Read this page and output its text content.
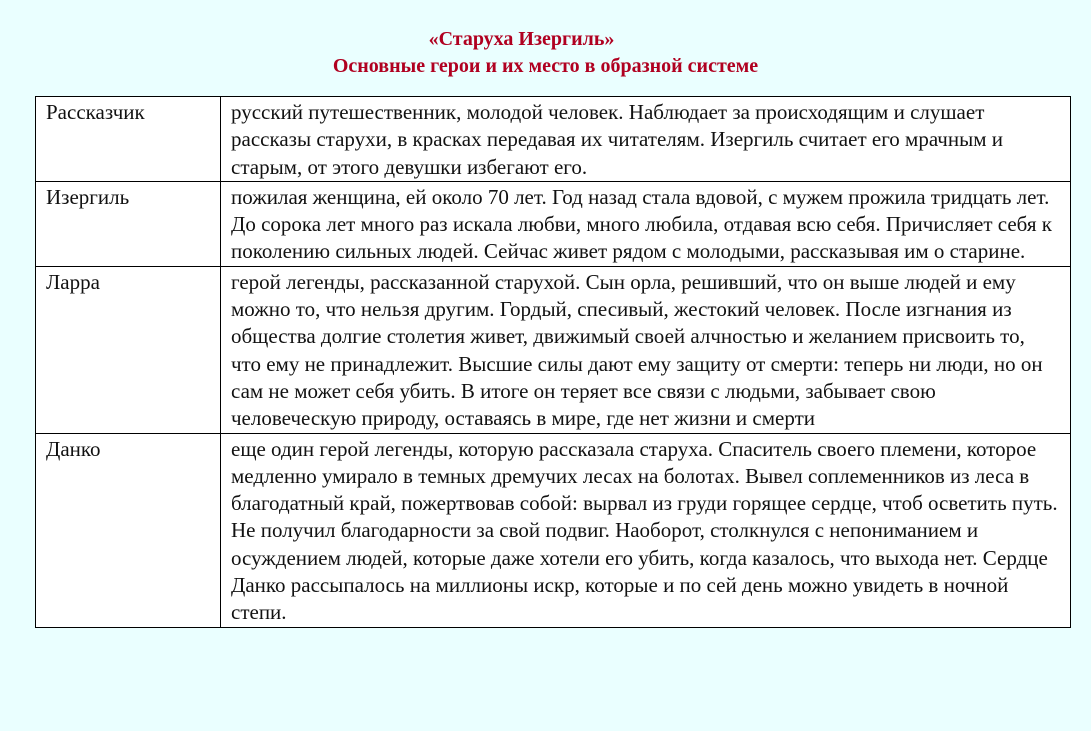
«Старуха Изергиль»
Основные герои и их место в образной системе
Рассказчик	русский путешественник, молодой человек. Наблюдает за происходящим и слушает рассказы старухи, в красках передавая их читателям. Изергиль считает его мрачным и старым, от этого девушки избегают его.
Изергиль	пожилая женщина, ей около 70 лет. Год назад стала вдовой, с мужем прожила тридцать лет. До сорока лет много раз искала любви, много любила, отдавая всю себя. Причисляет себя к поколению сильных людей. Сейчас живет рядом с молодыми, рассказывая им о старине.
Ларра	герой легенды, рассказанной старухой. Сын орла, решивший, что он выше людей и ему можно то, что нельзя другим. Гордый, спесивый, жестокий человек. После изгнания из общества долгие столетия живет, движимый своей алчностью и желанием присвоить то, что ему не принадлежит. Высшие силы дают ему защиту от смерти: теперь ни люди, но он сам не может себя убить. В итоге он теряет все связи с людьми, забывает свою человеческую природу, оставаясь в мире, где нет жизни и смерти
Данко	еще один герой легенды, которую рассказала старуха. Спаситель своего племени, которое медленно умирало в темных дремучих лесах на болотах. Вывел соплеменников из леса в благодатный край, пожертвовав собой: вырвал из груди горящее сердце, чтоб осветить путь. Не получил благодарности за свой подвиг. Наоборот, столкнулся с непониманием и осуждением людей, которые даже хотели его убить, когда казалось, что выхода нет. Сердце Данко рассыпалось на миллионы искр, которые и по сей день можно увидеть в ночной степи.
